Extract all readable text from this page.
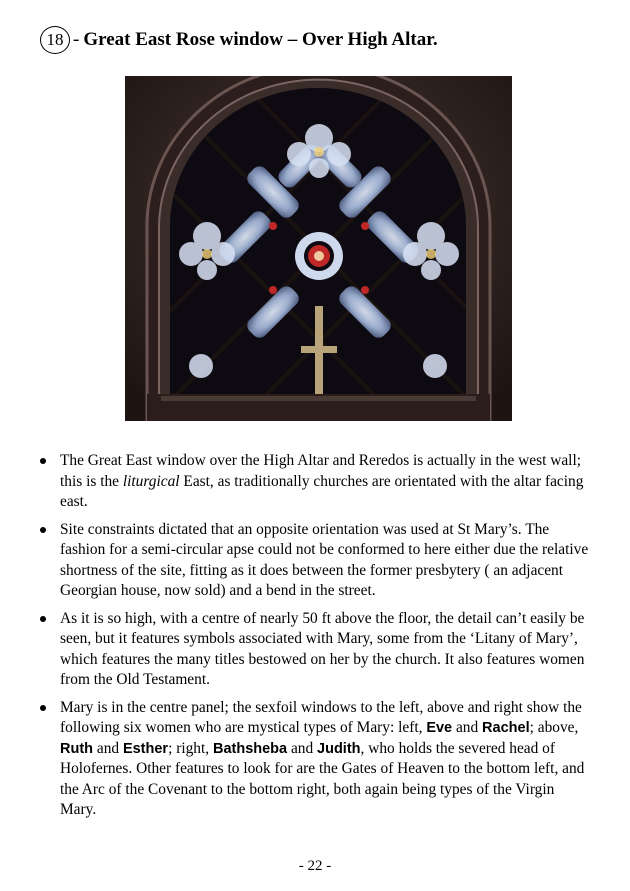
18 - Great East Rose window – Over High Altar.
The Great East window over the High Altar and Reredos is actually in the west wall; this is the liturgical East, as traditionally churches are orientated with the altar facing east.
Site constraints dictated that an opposite orientation was used at St Mary’s. The fashion for a semi-circular apse could not be conformed to here either due the relative shortness of the site, fitting as it does between the former presbytery ( an adjacent Georgian house, now sold) and a bend in the street.
As it is so high, with a centre of nearly 50 ft above the floor, the detail can’t easily be seen, but it features symbols associated with Mary, some from the ‘Litany of Mary’, which features the many titles bestowed on her by the church. It also features women from the Old Testament.
Mary is in the centre panel; the sexfoil windows to the left, above and right show the following six women who are mystical types of Mary: left, Eve and Rachel; above, Ruth and Esther; right, Bathsheba and Judith, who holds the severed head of Holofernes. Other features to look for are the Gates of Heaven to the bottom left, and the Arc of the Covenant to the bottom right, both again being types of the Virgin Mary.
- 22 -
